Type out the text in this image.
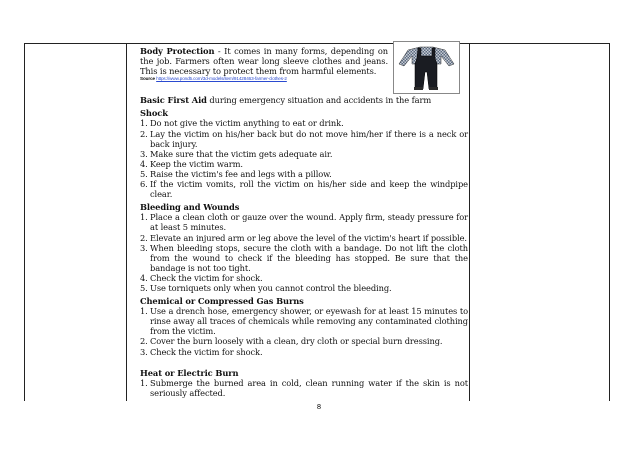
Body Protection - It comes in many forms, depending on the job. Farmers often wear long sleeve clothes and jeans. This is necessary to protect them from harmful elements.
Source https://www.pond5.com/3d-models/item/91428463-farmer-clothes-2
Basic First Aid during emergency situation and accidents in the farm
Shock
1. Do not give the victim anything to eat or drink.
2. Lay the victim on his/her back but do not move him/her if there is a neck or back injury.
3. Make sure that the victim gets adequate air.
4. Keep the victim warm.
5. Raise the victim's fee and legs with a pillow.
6. If the victim vomits, roll the victim on his/her side and keep the windpipe clear.
Bleeding and Wounds
1. Place a clean cloth or gauze over the wound. Apply firm, steady pressure for at least 5 minutes.
2. Elevate an injured arm or leg above the level of the victim's heart if possible.
3. When bleeding stops, secure the cloth with a bandage. Do not lift the cloth from the wound to check if the bleeding has stopped. Be sure that the bandage is not too tight.
4. Check the victim for shock.
5. Use torniquets only when you cannot control the bleeding.
Chemical or Compressed Gas Burns
1. Use a drench hose, emergency shower, or eyewash for at least 15 minutes to rinse away all traces of chemicals while removing any contaminated clothing from the victim.
2. Cover the burn loosely with a clean, dry cloth or special burn dressing.
3. Check the victim for shock.
Heat or Electric Burn
1. Submerge the burned area in cold, clean running water if the skin is not seriously affected.
8
